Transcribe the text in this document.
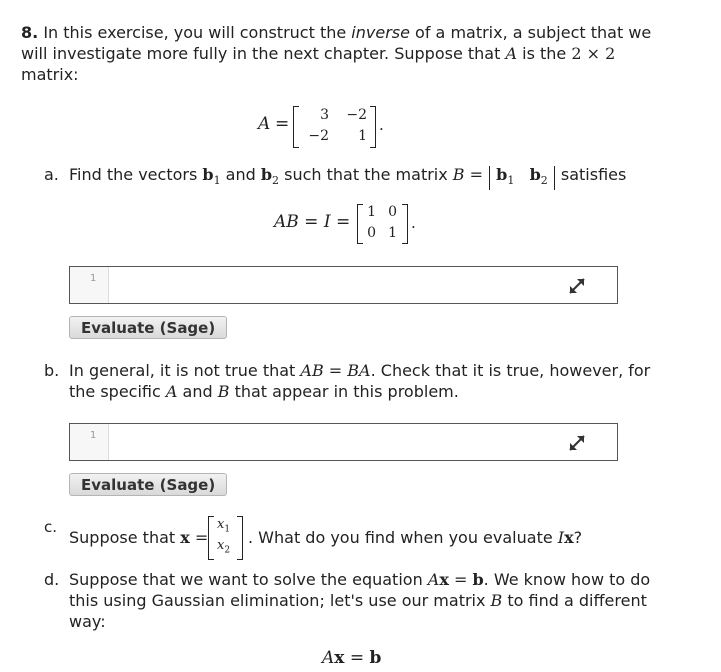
8. In this exercise, you will construct the inverse of a matrix, a subject that we
will investigate more fully in the next chapter. Suppose that A is the 2 × 2
matrix:
A =	3 −2
−2	1
.
a. Find the vectors $b_1$ and $b_2$ such that the matrix $B = b_1$ $b_2$ satisfies
AB = I = 1 0
0 1
.
1
Evaluate (Sage)
b. In general, it is not true that AB = BA. Check that it is true, however, for
the specific A and B that appear in this problem.
1
Evaluate (Sage)
c.
Suppose that x =
$x_1$
$x_2$
. What do you find when you evaluate Ix?
d. Suppose that we want to solve the equation Ax = b. We know how to do
this using Gaussian elimination; let's use our matrix B to find a different
way:
Ax = b
